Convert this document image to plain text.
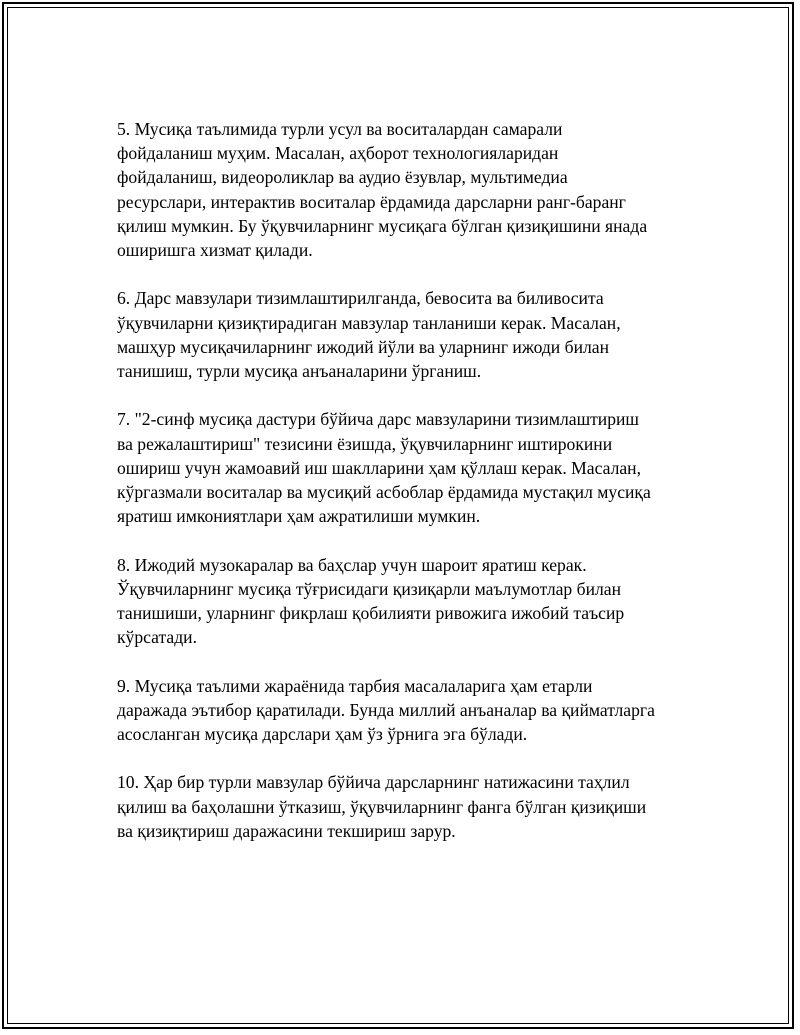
5. Мусиқа таълимида турли усул ва воситалардан самарали
фойдаланиш муҳим. Масалан, аҳборот технологияларидан
фойдаланиш, видеороликлар ва аудио ёзувлар, мультимедиа
ресурслари, интерактив воситалар ёрдамида дарсларни ранг-баранг
қилиш мумкин. Бу ўқувчиларнинг мусиқага бўлган қизиқишини янада
оширишга хизмат қилади.

6. Дарс мавзулари тизимлаштирилганда, бевосита ва биливосита
ўқувчиларни қизиқтирадиган мавзулар танланиши керак. Масалан,
машҳур мусиқачиларнинг ижодий йўли ва уларнинг ижоди билан
танишиш, турли мусиқа анъаналарини ўрганиш.

7. "2-синф мусиқа дастури бўйича дарс мавзуларини тизимлаштириш
ва режалаштириш" тезисини ёзишда, ўқувчиларнинг иштирокини
ошириш учун жамоавий иш шаклларини ҳам қўллаш керак. Масалан,
кўргазмали воситалар ва мусиқий асбоблар ёрдамида мустақил мусиқа
яратиш имкониятлари ҳам ажратилиши мумкин.

8. Ижодий музокаралар ва баҳслар учун шароит яратиш керак.
Ўқувчиларнинг мусиқа тўғрисидаги қизиқарли маълумотлар билан
танишиши, уларнинг фикрлаш қобилияти ривожига ижобий таъсир
кўрсатади.

9. Мусиқа таълими жараёнида тарбия масалаларига ҳам етарли
даражада эътибор қаратилади. Бунда миллий анъаналар ва қийматларга
асосланган мусиқа дарслари ҳам ўз ўрнига эга бўлади.

10. Ҳар бир турли мавзулар бўйича дарсларнинг натижасини таҳлил
қилиш ва баҳолашни ўтказиш, ўқувчиларнинг фанга бўлган қизиқиши
ва қизиқтириш даражасини текшириш зарур.
